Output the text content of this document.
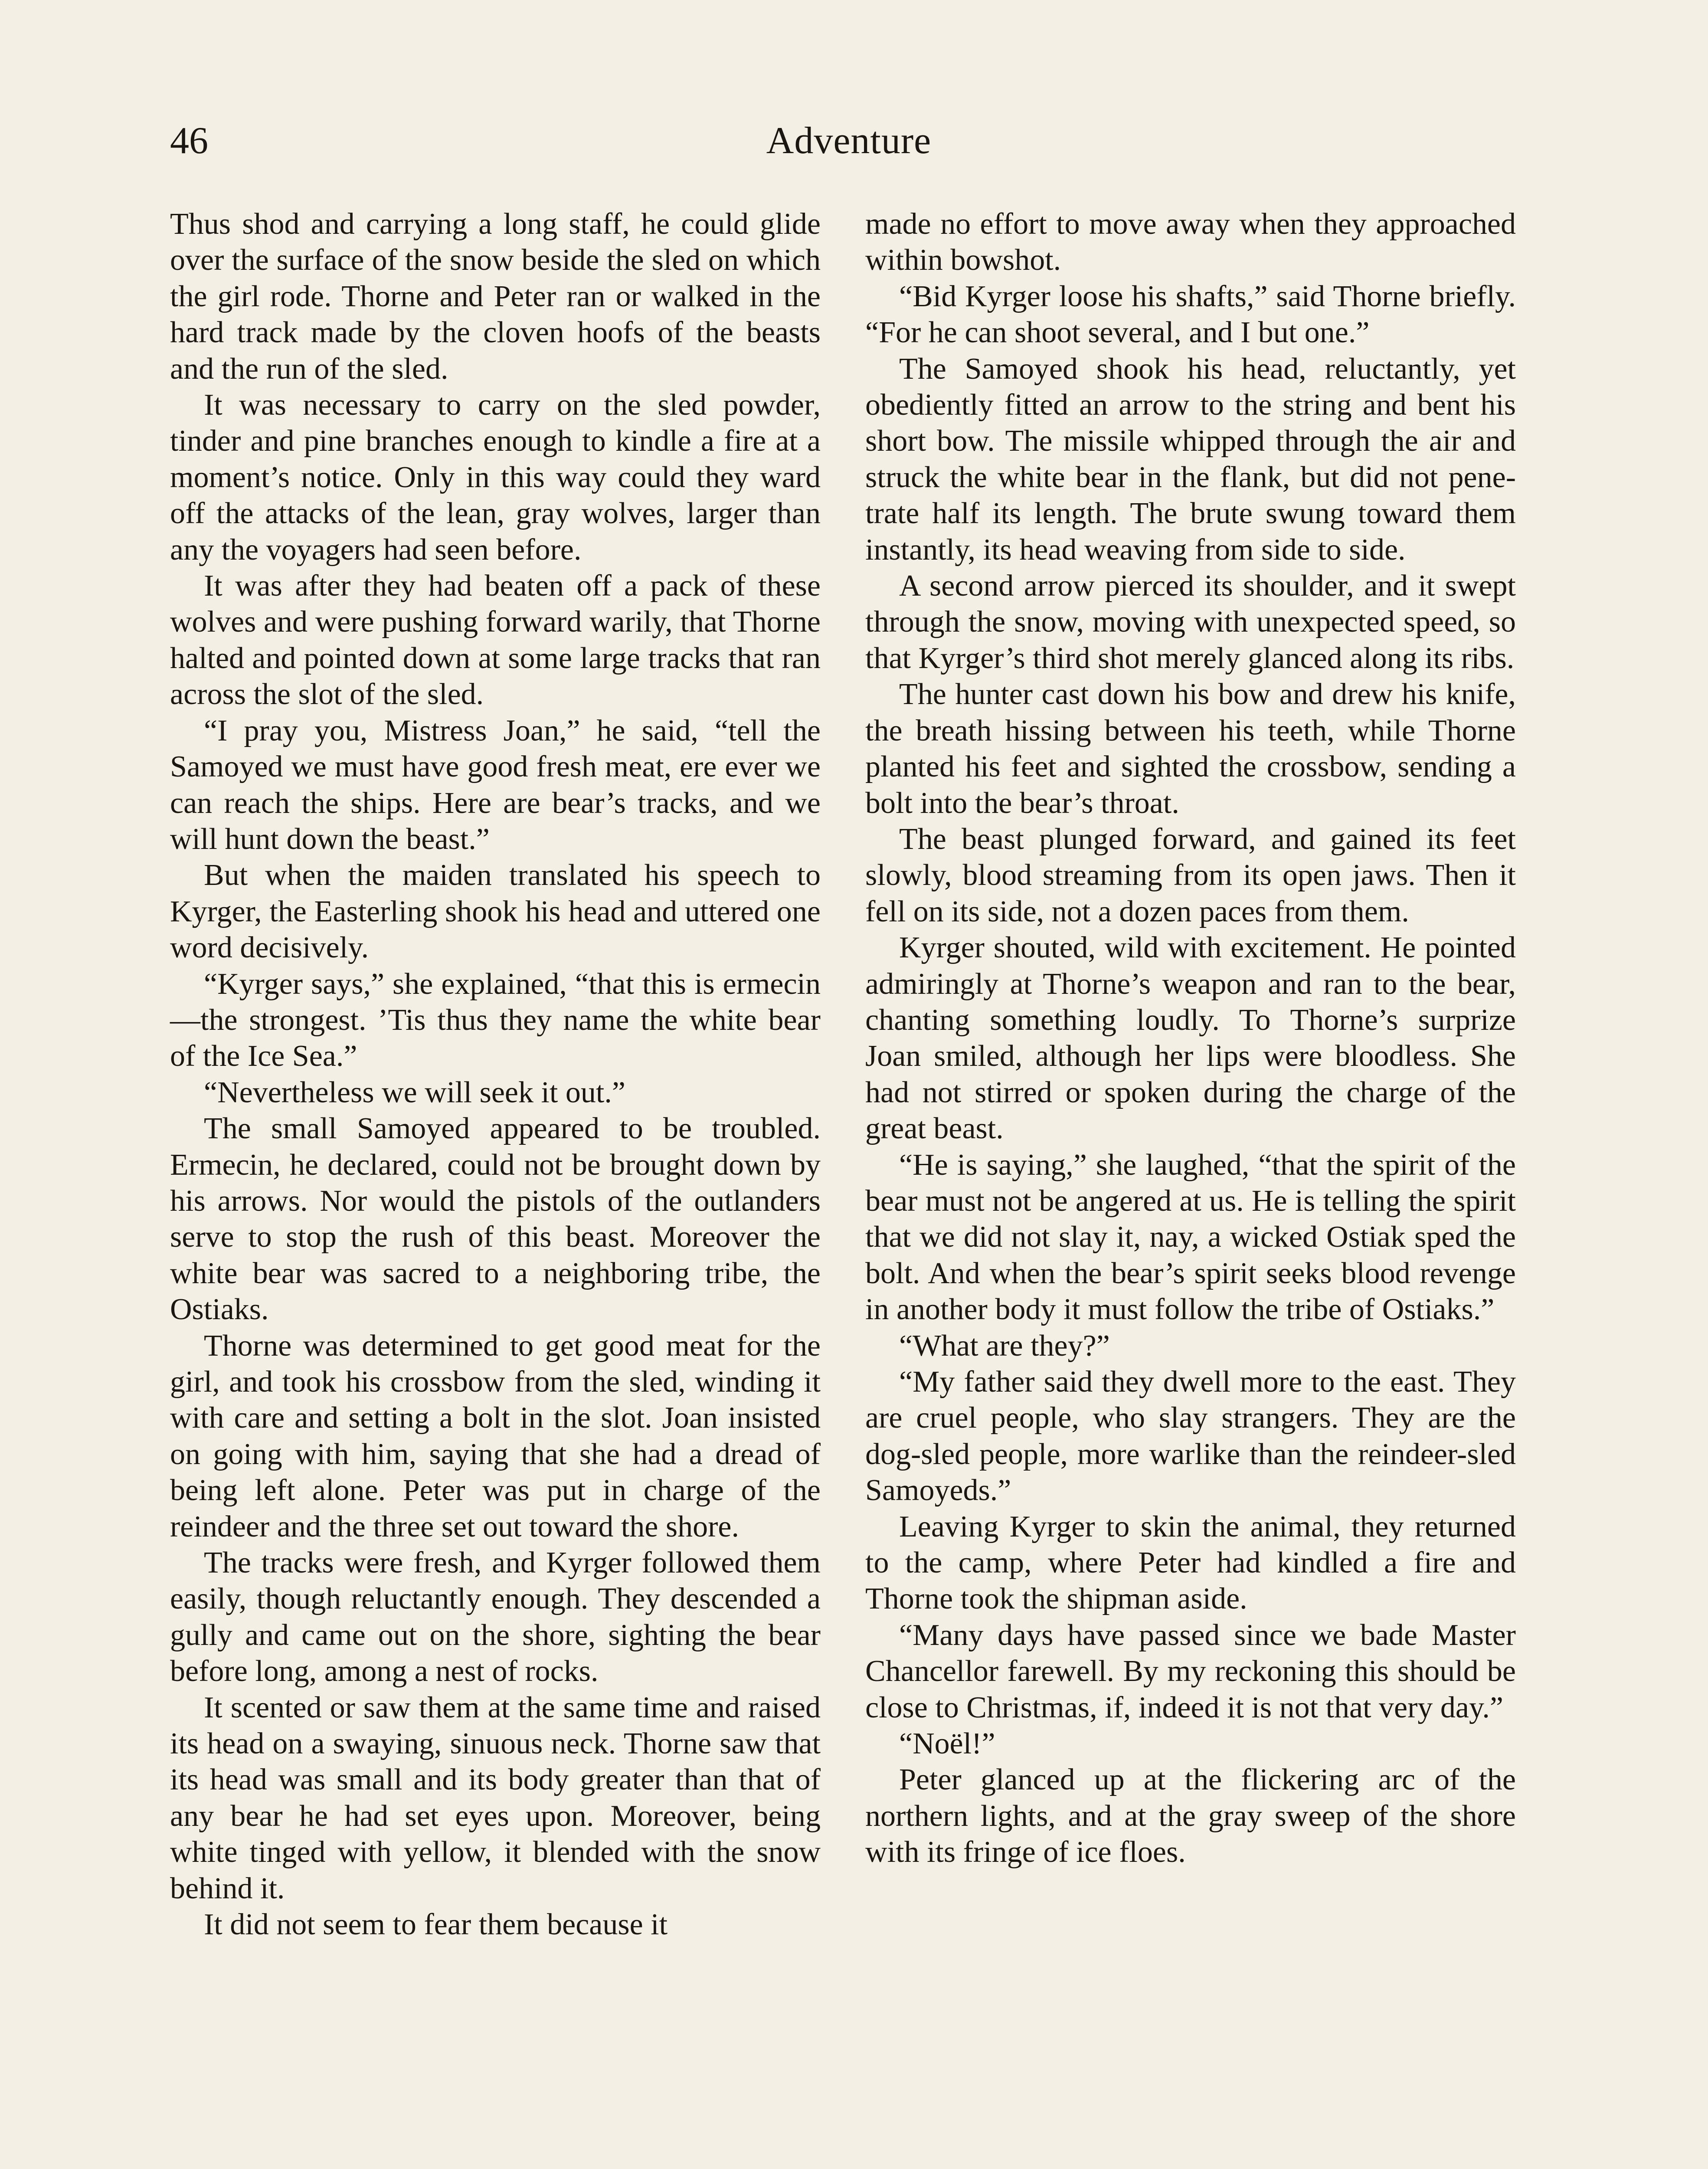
46	Adventure

Thus shod and carrying a long staff, he could glide over the surface of the snow beside the sled on which the girl rode. Thorne and Peter ran or walked in the hard track made by the cloven hoofs of the beasts and the run of the sled.

It was necessary to carry on the sled powder, tinder and pine branches enough to kindle a fire at a moment’s notice. Only in this way could they ward off the attacks of the lean, gray wolves, larger than any the voyagers had seen before.

It was after they had beaten off a pack of these wolves and were pushing forward warily, that Thorne halted and pointed down at some large tracks that ran across the slot of the sled.

“I pray you, Mistress Joan,” he said, “tell the Samoyed we must have good fresh meat, ere ever we can reach the ships. Here are bear’s tracks, and we will hunt down the beast.”

But when the maiden translated his speech to Kyrger, the Easterling shook his head and uttered one word decisively.

“Kyrger says,” she explained, “that this is ermecin—the strongest. ’Tis thus they name the white bear of the Ice Sea.”

“Nevertheless we will seek it out.”

The small Samoyed appeared to be troubled. Ermecin, he declared, could not be brought down by his arrows. Nor would the pistols of the outlanders serve to stop the rush of this beast. Moreover the white bear was sacred to a neighboring tribe, the Ostiaks.

Thorne was determined to get good meat for the girl, and took his crossbow from the sled, winding it with care and setting a bolt in the slot. Joan insisted on going with him, saying that she had a dread of being left alone. Peter was put in charge of the reindeer and the three set out toward the shore.

The tracks were fresh, and Kyrger followed them easily, though reluctantly enough. They descended a gully and came out on the shore, sighting the bear before long, among a nest of rocks.

It scented or saw them at the same time and raised its head on a swaying, sinuous neck. Thorne saw that its head was small and its body greater than that of any bear he had set eyes upon. Moreover, being white tinged with yellow, it blended with the snow behind it.

It did not seem to fear them because it

made no effort to move away when they approached within bowshot.

“Bid Kyrger loose his shafts,” said Thorne briefly. “For he can shoot several, and I but one.”

The Samoyed shook his head, reluctantly, yet obediently fitted an arrow to the string and bent his short bow. The missile whipped through the air and struck the white bear in the flank, but did not penetrate half its length. The brute swung toward them instantly, its head weaving from side to side.

A second arrow pierced its shoulder, and it swept through the snow, moving with unexpected speed, so that Kyrger’s third shot merely glanced along its ribs.

The hunter cast down his bow and drew his knife, the breath hissing between his teeth, while Thorne planted his feet and sighted the crossbow, sending a bolt into the bear’s throat.

The beast plunged forward, and gained its feet slowly, blood streaming from its open jaws. Then it fell on its side, not a dozen paces from them.

Kyrger shouted, wild with excitement. He pointed admiringly at Thorne’s weapon and ran to the bear, chanting something loudly. To Thorne’s surprize Joan smiled, although her lips were bloodless. She had not stirred or spoken during the charge of the great beast.

“He is saying,” she laughed, “that the spirit of the bear must not be angered at us. He is telling the spirit that we did not slay it, nay, a wicked Ostiak sped the bolt. And when the bear’s spirit seeks blood revenge in another body it must follow the tribe of Ostiaks.”

“What are they?”

“My father said they dwell more to the east. They are cruel people, who slay strangers. They are the dog-sled people, more warlike than the reindeer-sled Samoyeds.”

Leaving Kyrger to skin the animal, they returned to the camp, where Peter had kindled a fire and Thorne took the shipman aside.

“Many days have passed since we bade Master Chancellor farewell. By my reckoning this should be close to Christmas, if, indeed it is not that very day.”

“Noël!”

Peter glanced up at the flickering arc of the northern lights, and at the gray sweep of the shore with its fringe of ice floes.
